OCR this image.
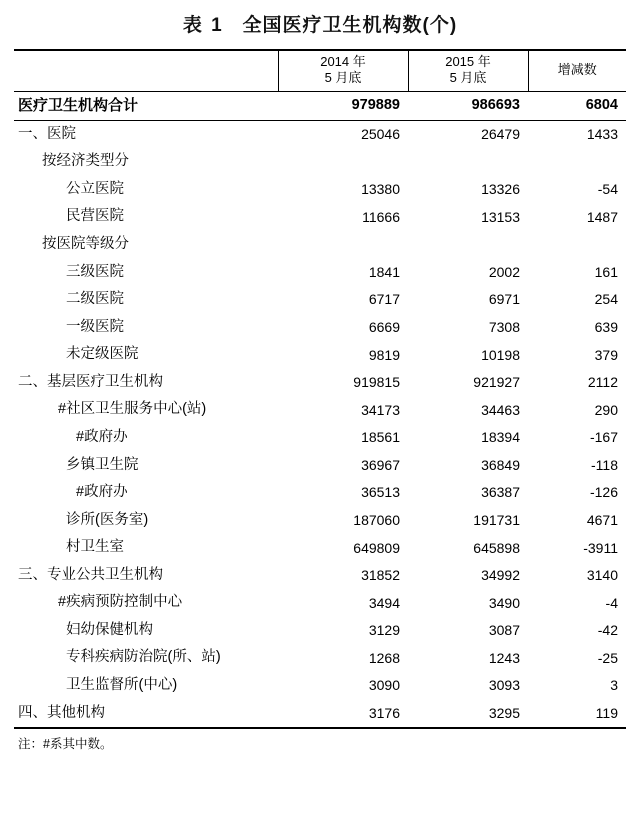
表 1 全国医疗卫生机构数(个)

	2014 年
5 月底	2015 年
5 月底	增减数

医疗卫生机构合计	979889	986693	6804
一、医院	25046	26479	1433
按经济类型分			
公立医院	13380	13326	-54
民营医院	11666	13153	1487
按医院等级分			
三级医院	1841	2002	161
二级医院	6717	6971	254
一级医院	6669	7308	639
未定级医院	9819	10198	379
二、基层医疗卫生机构	919815	921927	2112
#社区卫生服务中心(站)	34173	34463	290
#政府办	18561	18394	-167
乡镇卫生院	36967	36849	-118
#政府办	36513	36387	-126
诊所(医务室)	187060	191731	4671
村卫生室	649809	645898	-3911
三、专业公共卫生机构	31852	34992	3140
#疾病预防控制中心	3494	3490	-4
妇幼保健机构	3129	3087	-42
专科疾病防治院(所、站)	1268	1243	-25
卫生监督所(中心)	3090	3093	3
四、其他机构	3176	3295	119
注：#系其中数。
